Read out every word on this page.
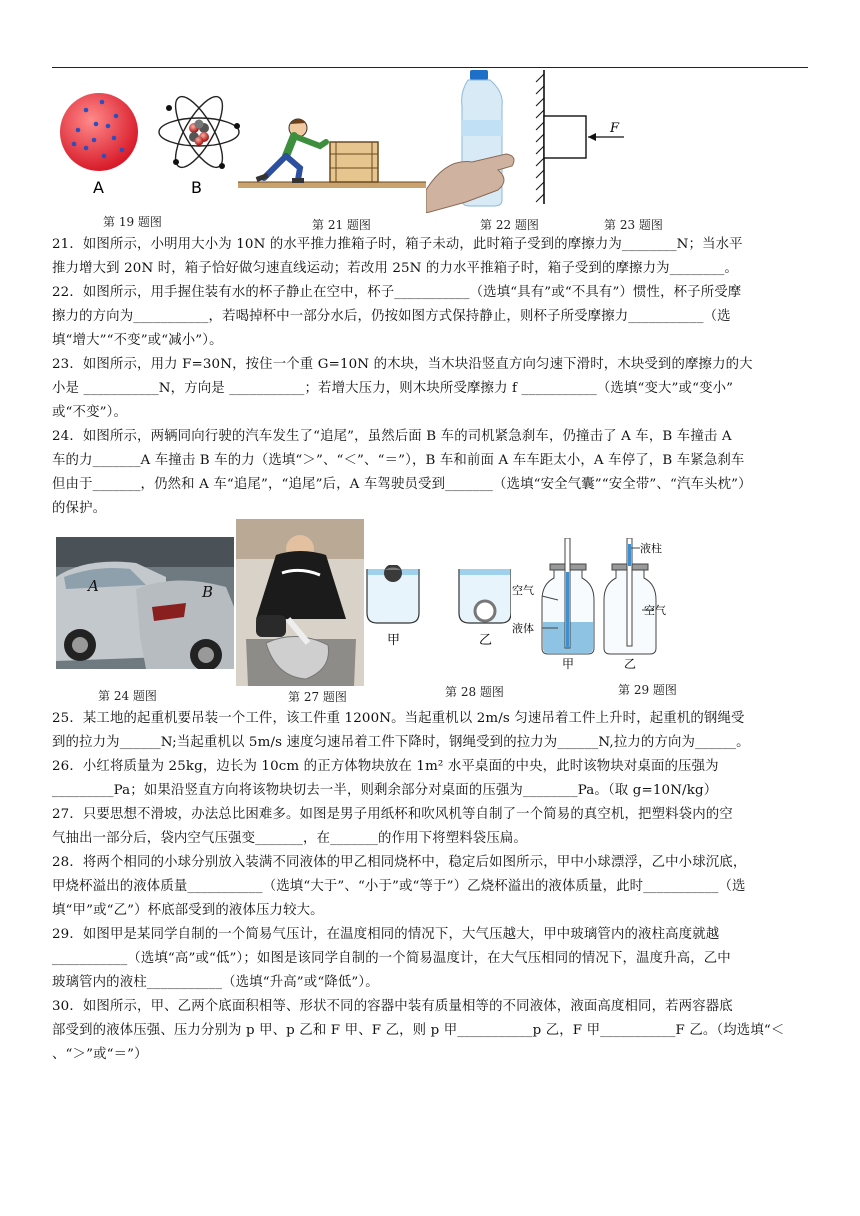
A	B
F
第 19 题图	第 21 题图	第 22 题图	第 23 题图
21．如图所示，小明用大小为 10N 的水平推力推箱子时，箱子未动，此时箱子受到的摩擦力为________N；当水平
推力增大到 20N 时，箱子恰好做匀速直线运动；若改用 25N 的力水平推箱子时，箱子受到的摩擦力为________。
22．如图所示，用手握住装有水的杯子静止在空中，杯子___________（选填“具有”或“不具有”）惯性，杯子所受摩
擦力的方向为___________，若喝掉杯中一部分水后，仍按如图方式保持静止，则杯子所受摩擦力___________（选
填“增大”“不变”或“减小”）。
23．如图所示，用力 F=30N，按住一个重 G=10N 的木块，当木块沿竖直方向匀速下滑时，木块受到的摩擦力的大
小是 ___________N，方向是 ___________；若增大压力，则木块所受摩擦力 f ___________（选填“变大”或“变小”
或“不变”）。
24．如图所示，两辆同向行驶的汽车发生了“追尾”，虽然后面 B 车的司机紧急刹车，仍撞击了 A 车，B 车撞击 A
车的力_______A 车撞击 B 车的力（选填“＞”、“＜”、“＝”），B 车和前面 A 车车距太小，A 车停了，B 车紧急刹车
但由于_______，仍然和 A 车“追尾”，“追尾”后，A 车驾驶员受到_______（选填“安全气囊”“安全带”、“汽车头枕”）
的保护。
A	B
甲	乙
液柱
空气
液体
空气
甲	乙
第 24 题图	第 27 题图	第 28 题图	第 29 题图
25．某工地的起重机要吊装一个工件，该工件重 1200N。当起重机以 2m/s 匀速吊着工件上升时，起重机的钢绳受
到的拉力为______N;当起重机以 5m/s 速度匀速吊着工件下降时，钢绳受到的拉力为______N,拉力的方向为______。
26．小红将质量为 25kg，边长为 10cm 的正方体物块放在 1m² 水平桌面的中央，此时该物块对桌面的压强为
_________Pa；如果沿竖直方向将该物块切去一半，则剩余部分对桌面的压强为________Pa。（取 g=10N/kg）
27．只要思想不滑坡，办法总比困难多。如图是男子用纸杯和吹风机等自制了一个简易的真空机，把塑料袋内的空
气抽出一部分后，袋内空气压强变_______，在_______的作用下将塑料袋压扁。
28．将两个相同的小球分别放入装满不同液体的甲乙相同烧杯中，稳定后如图所示，甲中小球漂浮，乙中小球沉底，
甲烧杯溢出的液体质量___________（选填“大于”、“小于”或“等于”）乙烧杯溢出的液体质量，此时___________（选
填“甲”或“乙”）杯底部受到的液体压力较大。
29．如图甲是某同学自制的一个简易气压计，在温度相同的情况下，大气压越大，甲中玻璃管内的液柱高度就越
___________（选填“高”或“低”）；如图是该同学自制的一个简易温度计，在大气压相同的情况下，温度升高，乙中
玻璃管内的液柱___________（选填“升高”或“降低”）。
30．如图所示，甲、乙两个底面积相等、形状不同的容器中装有质量相等的不同液体，液面高度相同，若两容器底
部受到的液体压强、压力分别为 p 甲、p 乙和 F 甲、F 乙，则 p 甲___________p 乙，F 甲___________F 乙。（均选填“＜
、“＞”或“＝”）
